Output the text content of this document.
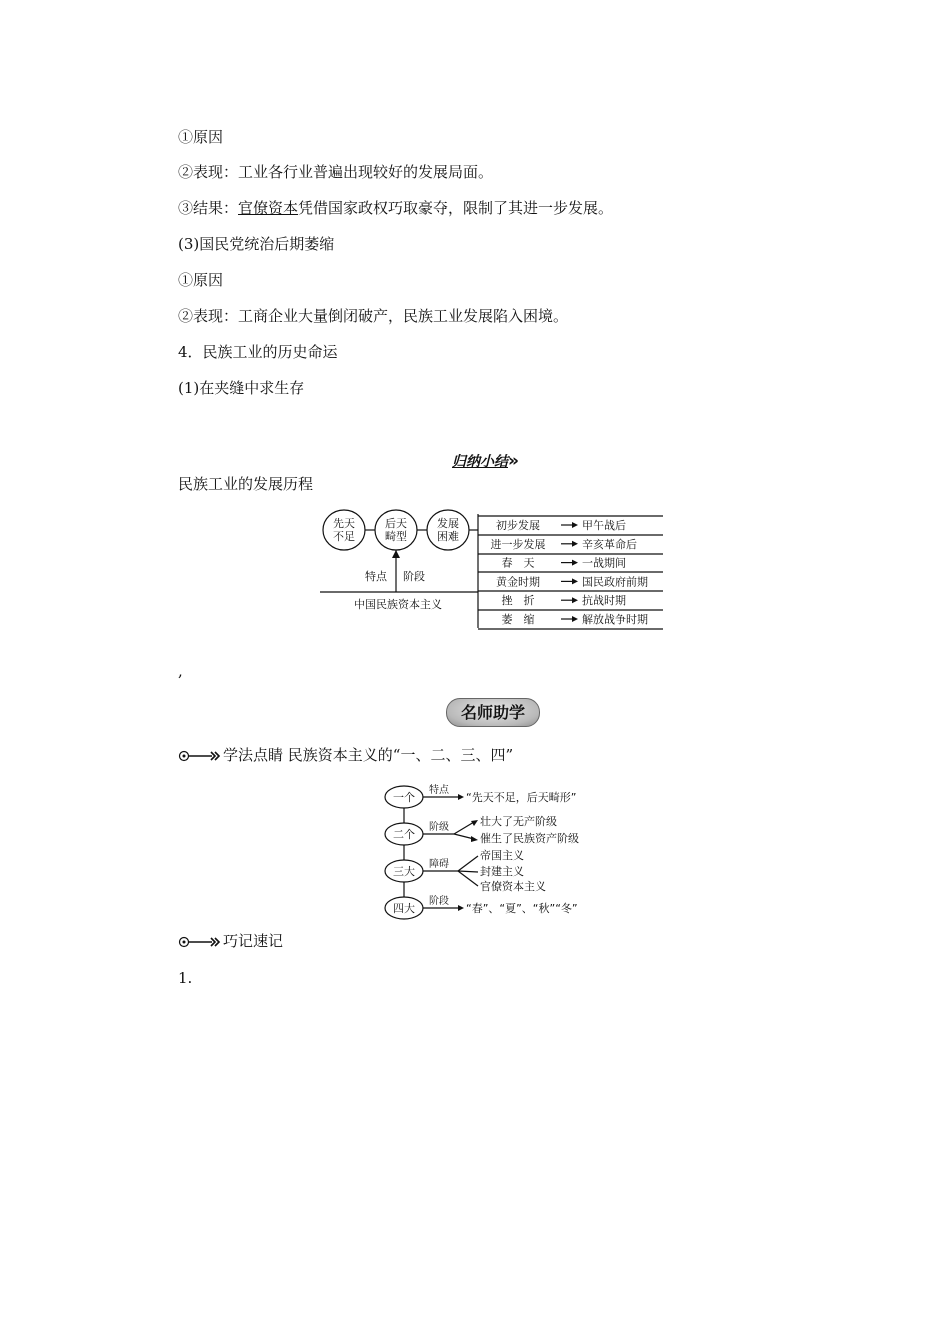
①原因
②表现：工业各行业普遍出现较好的发展局面。
③结果：官僚资本凭借国家政权巧取豪夺，限制了其进一步发展。
(3)国民党统治后期萎缩
①原因
②表现：工商企业大量倒闭破产，民族工业发展陷入困境。
4．民族工业的历史命运
(1)在夹缝中求生存
归纳小结»
民族工业的发展历程
先天
不足
后天
畸型
发展
困难
特点 阶段
中国民族资本主义
初步发展	甲午战后
进一步发展	辛亥革命后
春　天	一战期间
黄金时期	国民政府前期
挫　折	抗战时期
萎　缩	解放战争时期
,
名师助学
学法点睛 民族资本主义的“一、二、三、四”
一个
二个
三大
四大
特点
阶级
障碍
阶段
“先天不足，后天畸形”
壮大了无产阶级
催生了民族资产阶级
帝国主义
封建主义
官僚资本主义
“春”、“夏”、“秋”“冬”
巧记速记
1.
